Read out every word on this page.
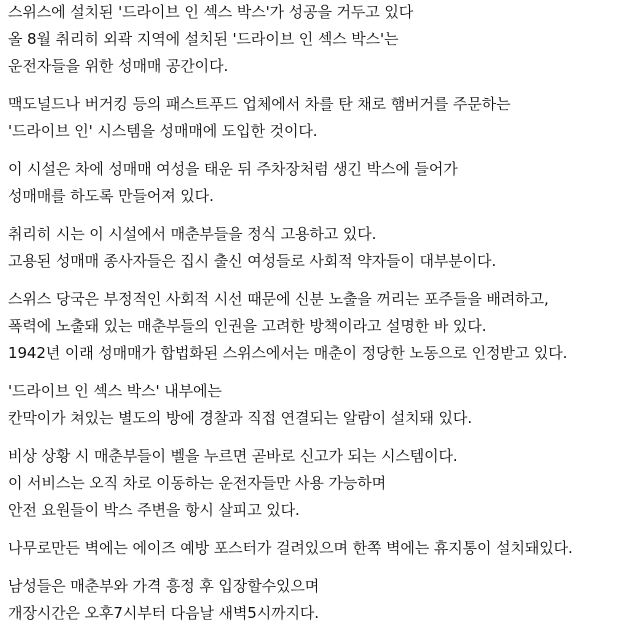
스위스에 설치된 '드라이브 인 섹스 박스'가 성공을 거두고 있다
올 8월 취리히 외곽 지역에 설치된 '드라이브 인 섹스 박스'는
운전자들을 위한 성매매 공간이다.
맥도널드나 버거킹 등의 패스트푸드 업체에서 차를 탄 채로 햄버거를 주문하는
'드라이브 인' 시스템을 성매매에 도입한 것이다.
이 시설은 차에 성매매 여성을 태운 뒤 주차장처럼 생긴 박스에 들어가
성매매를 하도록 만들어져 있다.
취리히 시는 이 시설에서 매춘부들을 정식 고용하고 있다.
고용된 성매매 종사자들은 집시 출신 여성들로 사회적 약자들이 대부분이다.
스위스 당국은 부정적인 사회적 시선 때문에 신분 노출을 꺼리는 포주들을 배려하고,
폭력에 노출돼 있는 매춘부들의 인권을 고려한 방책이라고 설명한 바 있다.
1942년 이래 성매매가 합법화된 스위스에서는 매춘이 정당한 노동으로 인정받고 있다.
'드라이브 인 섹스 박스' 내부에는
칸막이가 쳐있는 별도의 방에 경찰과 직접 연결되는 알람이 설치돼 있다.
비상 상황 시 매춘부들이 벨을 누르면 곧바로 신고가 되는 시스템이다.
이 서비스는 오직 차로 이동하는 운전자들만 사용 가능하며
안전 요원들이 박스 주변을 항시 살피고 있다.
나무로만든 벽에는 에이즈 예방 포스터가 걸려있으며 한쪽 벽에는 휴지통이 설치돼있다.
남성들은 매춘부와 가격 흥정 후 입장할수있으며
개장시간은 오후7시부터 다음날 새벽5시까지다.
